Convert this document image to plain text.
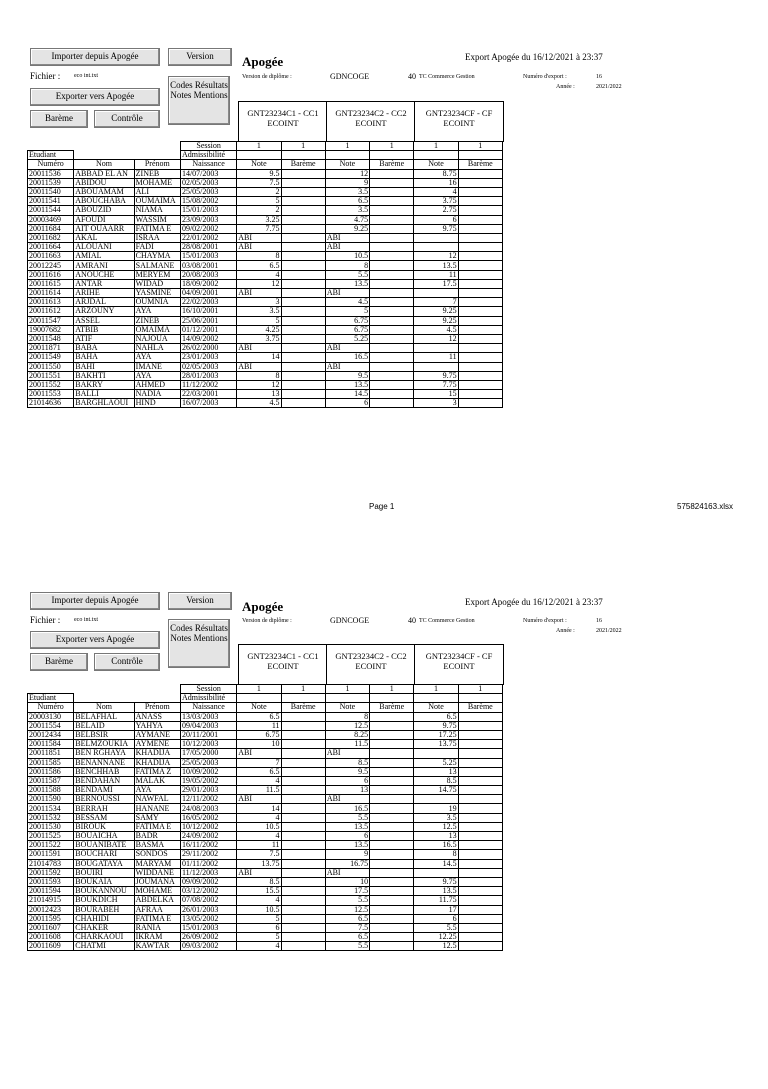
Importer depuis Apogée	Version	Apogée	Export Apogée du 16/12/2021 à 23:37
Fichier : eco int.txt
Codes Résultats Notes Mentions
Version de diplôme :	GDNCOGE	40 TC Commerce Gestion	Numéro d'export :	16
Année :	2021/2022
Exporter vers Apogée
Barème	Contrôle	GNT23234C1 - CC1 ECOINT
GNT23234C2 - CC2 ECOINT
GNT23234CF - CF ECOINT
			Session	1	1	1	1	1	1
Etudiant			Admissibilité						
Numéro	Nom	Prénom	Naissance	Note	Barème	Note	Barème	Note	Barème
20011536	ABBAD EL AN	ZINEB	14/07/2003	9.5		12		8.75	
20011539	ABIDOU	MOHAME	02/05/2003	7.5		9		16	
20011540	ABOUAMAM	ALI	25/05/2003	2		3.5		4	
20011541	ABOUCHABA	OUMAIMA	15/08/2002	5		6.5		3.75	
20011544	ABOUZID	NIAMA	15/01/2003	2		3.5		2.75	
20003469	AFOUDI	WASSIM	23/09/2003	3.25		4.75		6	
20011684	AIT OUAARR	FATIMA E	09/02/2002	7.75		9.25		9.75	
20011682	AKAL	ISRAA	22/01/2002	ABI		ABI			
20011664	ALOUANI	FADI	28/08/2001	ABI		ABI			
20011663	AMIAL	CHAYMA	15/01/2003	8		10.5		12	
20012245	AMRANI	SALMANE	03/08/2001	6.5		8		13.5	
20011616	ANOUCHE	MERYEM	20/08/2003	4		5.5		11	
20011615	ANTAR	WIDAD	18/09/2002	12		13.5		17.5	
20011614	ARIHE	YASMINE	04/09/2001	ABI		ABI			
20011613	ARJDAL	OUMNIA	22/02/2003	3		4.5		7	
20011612	ARZOUNY	AYA	16/10/2001	3.5		5		9.25	
20011547	ASSEL	ZINEB	25/06/2001	5		6.75		9.25	
19007682	ATBIB	OMAIMA	01/12/2001	4.25		6.75		4.5	
20011548	ATIF	NAJOUA	14/09/2002	3.75		5.25		12	
20011871	BABA	NAHLA	26/02/2000	ABI		ABI			
20011549	BAHA	AYA	23/01/2003	14		16.5		11	
20011550	BAHI	IMANE	02/05/2003	ABI		ABI			
20011551	BAKHTI	AYA	28/01/2003	8		9.5		9.75	
20011552	BAKRY	AHMED	11/12/2002	12		13.5		7.75	
20011553	BALLI	NADIA	22/03/2001	13		14.5		15	
21014636	BARGHLAOUI	HIND	16/07/2003	4.5		6		3	
Page 1	575824163.xlsx
Importer depuis Apogée	Version	Apogée	Export Apogée du 16/12/2021 à 23:37
Fichier : eco int.txt
Codes Résultats Notes Mentions
Version de diplôme :	GDNCOGE	40 TC Commerce Gestion	Numéro d'export :	16
Année :	2021/2022
Exporter vers Apogée
Barème	Contrôle	GNT23234C1 - CC1 ECOINT
GNT23234C2 - CC2 ECOINT
GNT23234CF - CF ECOINT
			Session	1	1	1	1	1	1
Etudiant			Admissibilité						
Numéro	Nom	Prénom	Naissance	Note	Barème	Note	Barème	Note	Barème
20003130	BELAFHAL	ANASS	13/03/2003	6.5		8		6.5	
20011554	BELAID	YAHYA	09/04/2003	11		12.5		9.75	
20012434	BELBSIR	AYMANE	20/11/2001	6.75		8.25		17.25	
20011584	BELMZOUKIA	AYMENE	10/12/2003	10		11.5		13.75	
20011851	BEN RGHAYA	KHADIJA	17/05/2000	ABI		ABI			
20011585	BENANNANE	KHADIJA	25/05/2003	7		8.5		5.25	
20011586	BENCHHAB	FATIMA Z	10/09/2002	6.5		9.5		13	
20011587	BENDAHAN	MALAK	19/05/2002	4		6		8.5	
20011588	BENDAMI	AYA	29/01/2003	11.5		13		14.75	
20011590	BERNOUSSI	NAWFAL	12/11/2002	ABI		ABI			
20011534	BERRAH	HANANE	24/08/2003	14		16.5		19	
20011532	BESSAM	SAMY	16/05/2002	4		5.5		3.5	
20011530	BIROUK	FATIMA E	10/12/2002	10.5		13.5		12.5	
20011525	BOUAICHA	BADR	24/09/2002	4		6		13	
20011522	BOUANIBATE	BASMA	16/11/2002	11		13.5		16.5	
20011591	BOUCHARI	SONDOS	29/11/2002	7.5		9		8	
21014783	BOUGATAYA	MARYAM	01/11/2002	13.75		16.75		14.5	
20011592	BOUIRI	WIDDANE	11/12/2003	ABI		ABI			
20011593	BOUKAIA	JOUMANA	09/09/2002	8.5		10		9.75	
20011594	BOUKANNOU	MOHAME	03/12/2002	15.5		17.5		13.5	
21014915	BOUKDICH	ABDELKA	07/08/2002	4		5.5		11.75	
20012423	BOURABEH	AFRAA	26/01/2003	10.5		12.5		17	
20011595	CHAHIDI	FATIMA E	13/05/2002	5		6.5		6	
20011607	CHAKER	RANIA	15/01/2003	6		7.5		5.5	
20011608	CHARKAOUI	IKRAM	26/09/2002	5		6.5		12.25	
20011609	CHATMI	KAWTAR	09/03/2002	4		5.5		12.5	
